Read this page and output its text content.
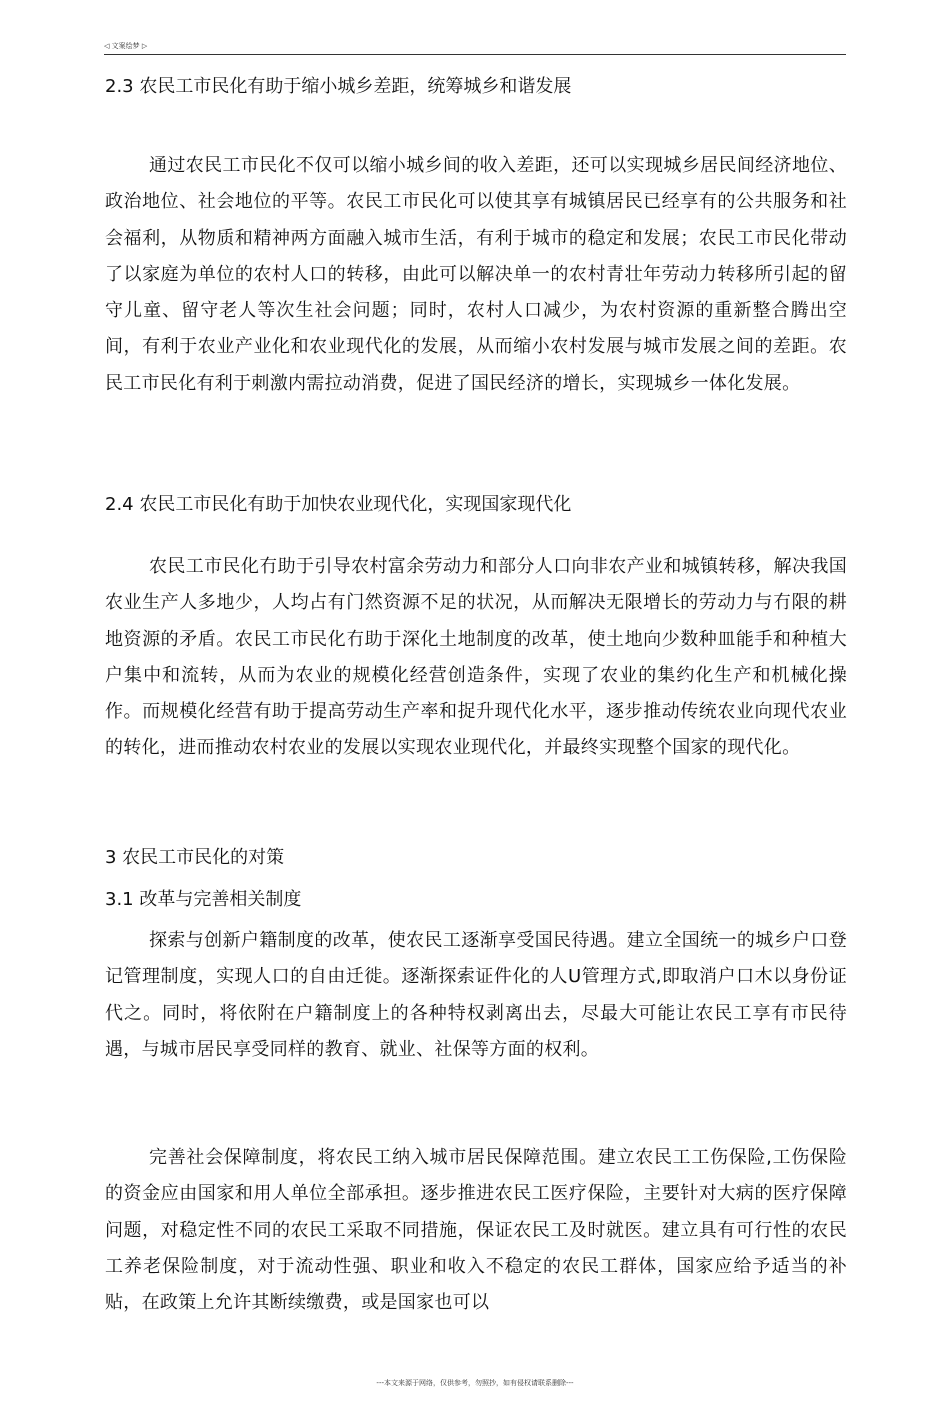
◁ 文案绘梦 ▷
2.3 农民工市民化有助于缩小城乡差距，统筹城乡和谐发展

通过农民工市民化不仅可以缩小城乡间的收入差距，还可以实现城乡居民间经济地位、政治地位、社会地位的平等。农民工市民化可以使其享有城镇居民已经享有的公共服务和社会福利，从物质和精神两方面融入城市生活，有利于城市的稳定和发展；农民工市民化带动了以家庭为单位的农村人口的转移，由此可以解决单一的农村青壮年劳动力转移所引起的留守儿童、留守老人等次生社会问题；同时，农村人口减少，为农村资源的重新整合腾出空间，有利于农业产业化和农业现代化的发展，从而缩小农村发展与城市发展之间的差距。农民工市民化有利于刺激内需拉动消费，促进了国民经济的增长，实现城乡一体化发展。

2.4 农民工市民化有助于加快农业现代化，实现国家现代化

农民工市民化冇助于引导农村富余劳动力和部分人口向非农产业和城镇转移，解决我国农业生产人多地少，人均占有门然资源不足的状况，从而解决无限增长的劳动力与冇限的耕地资源的矛盾。农民工市民化冇助于深化土地制度的改革，使土地向少数种皿能手和种植大户集中和流转，从而为农业的规模化经营创造条件，实现了农业的集约化生产和机械化操作。而规模化经营有助于提高劳动生产率和捉升现代化水平，逐步推动传统农业向现代农业的转化，进而推动农村农业的发展以实现农业现代化，并最终实现整个国家的现代化。

3 农民工市民化的对策
3.1 改革与完善相关制度

探索与创新户籍制度的改革，使农民工逐渐享受国民待遇。建立全国统一的城乡户口登记管理制度，实现人口的自由迁徙。逐渐探索证件化的人U管理方式,即取消户口木以身份证代之。同时，将依附在户籍制度上的各种特权剥离出去，尽最大可能让农民工享有市民待遇，与城市居民享受同样的教育、就业、社保等方面的权利。

完善社会保障制度，将农民工纳入城市居民保障范围。建立农民工工伤保险,工伤保险的资金应由国家和用人单位全部承担。逐步推进农民工医疗保险，主要针对大病的医疗保障问题，对稳定性不同的农民工采取不同措施，保证农民工及时就医。建立具有可行性的农民工养老保险制度，对于流动性强、职业和收入不稳定的农民工群体，国家应给予适当的补贴，在政策上允许其断续缴费，或是国家也可以

---本文来源于网络，仅供参考，勿照抄，如有侵权请联系删除---
